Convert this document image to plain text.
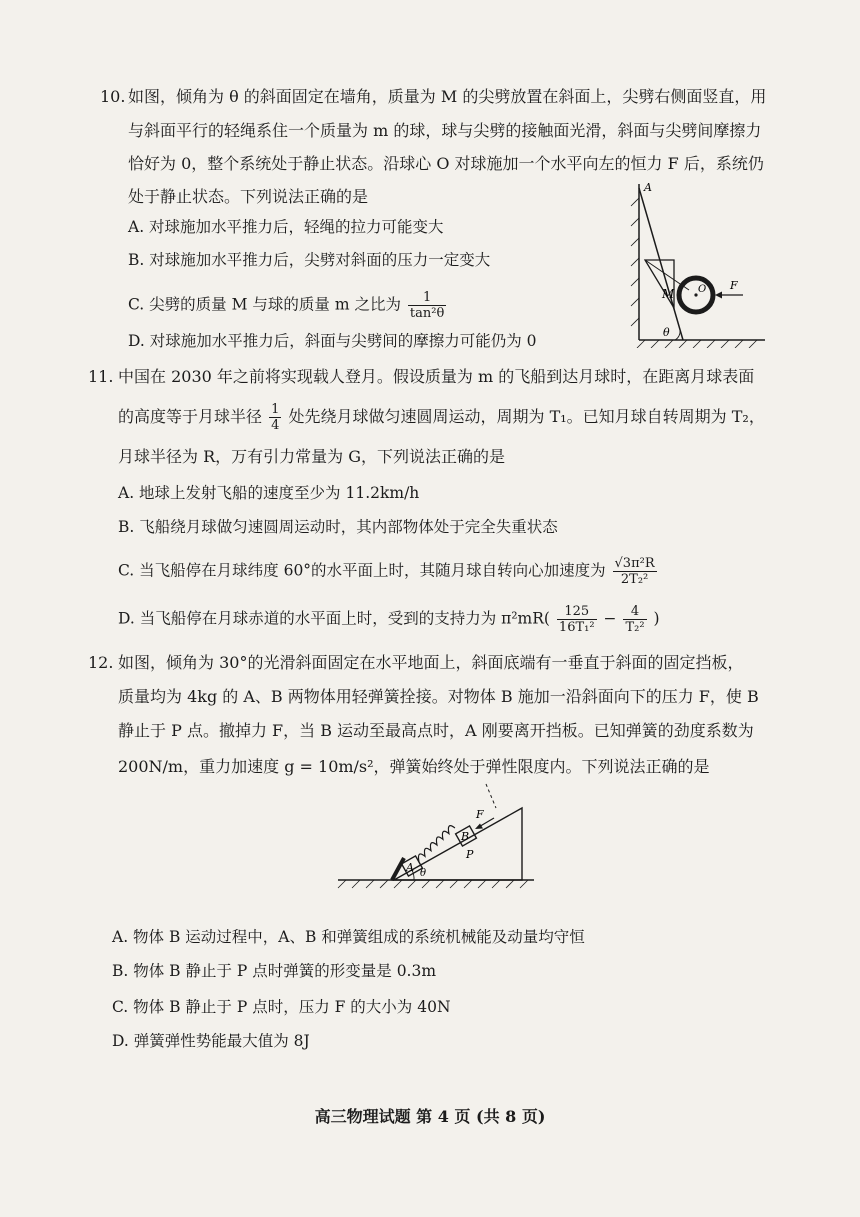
10. 如图，倾角为 θ 的斜面固定在墙角，质量为 M 的尖劈放置在斜面上，尖劈右侧面竖直，用
与斜面平行的轻绳系住一个质量为 m 的球，球与尖劈的接触面光滑，斜面与尖劈间摩擦力
恰好为 0，整个系统处于静止状态。沿球心 O 对球施加一个水平向左的恒力 F 后，系统仍
处于静止状态。下列说法正确的是
A. 对球施加水平推力后，轻绳的拉力可能变大
B. 对球施加水平推力后，尖劈对斜面的压力一定变大
C. 尖劈的质量 M 与球的质量 m 之比为 $\frac{1}{\text{tan²θ}}$
D. 对球施加水平推力后，斜面与尖劈间的摩擦力可能仍为 0
A
M O F
θ
11. 中国在 2030 年之前将实现载人登月。假设质量为 m 的飞船到达月球时，在距离月球表面
的高度等于月球半径 $\frac{1}{4}$ 处先绕月球做匀速圆周运动，周期为 T₁。已知月球自转周期为 T₂，
月球半径为 R，万有引力常量为 G，下列说法正确的是
A. 地球上发射飞船的速度至少为 11.2km/h
B. 飞船绕月球做匀速圆周运动时，其内部物体处于完全失重状态
C. 当飞船停在月球纬度 60°的水平面上时，其随月球自转向心加速度为 $\frac{\text{√3π²R}}{\text{2T₂²}}$
D. 当飞船停在月球赤道的水平面上时，受到的支持力为 $\pi^2mR( \frac{125}{\text{16T₁²}} - \frac{4}{\text{T₂²}}$ )
12. 如图，倾角为 30°的光滑斜面固定在水平地面上，斜面底端有一垂直于斜面的固定挡板，
质量均为 4kg 的 A、B 两物体用轻弹簧拴接。对物体 B 施加一沿斜面向下的压力 F，使 B
静止于 P 点。撤掉力 F，当 B 运动至最高点时，A 刚要离开挡板。已知弹簧的劲度系数为
200N/m，重力加速度 g = 10m/s²，弹簧始终处于弹性限度内。下列说法正确的是
A
B
F
P
θ
A. 物体 B 运动过程中，A、B 和弹簧组成的系统机械能及动量均守恒
B. 物体 B 静止于 P 点时弹簧的形变量是 0.3m
C. 物体 B 静止于 P 点时，压力 F 的大小为 40N
D. 弹簧弹性势能最大值为 8J
高三物理试题 第 4 页 (共 8 页)
